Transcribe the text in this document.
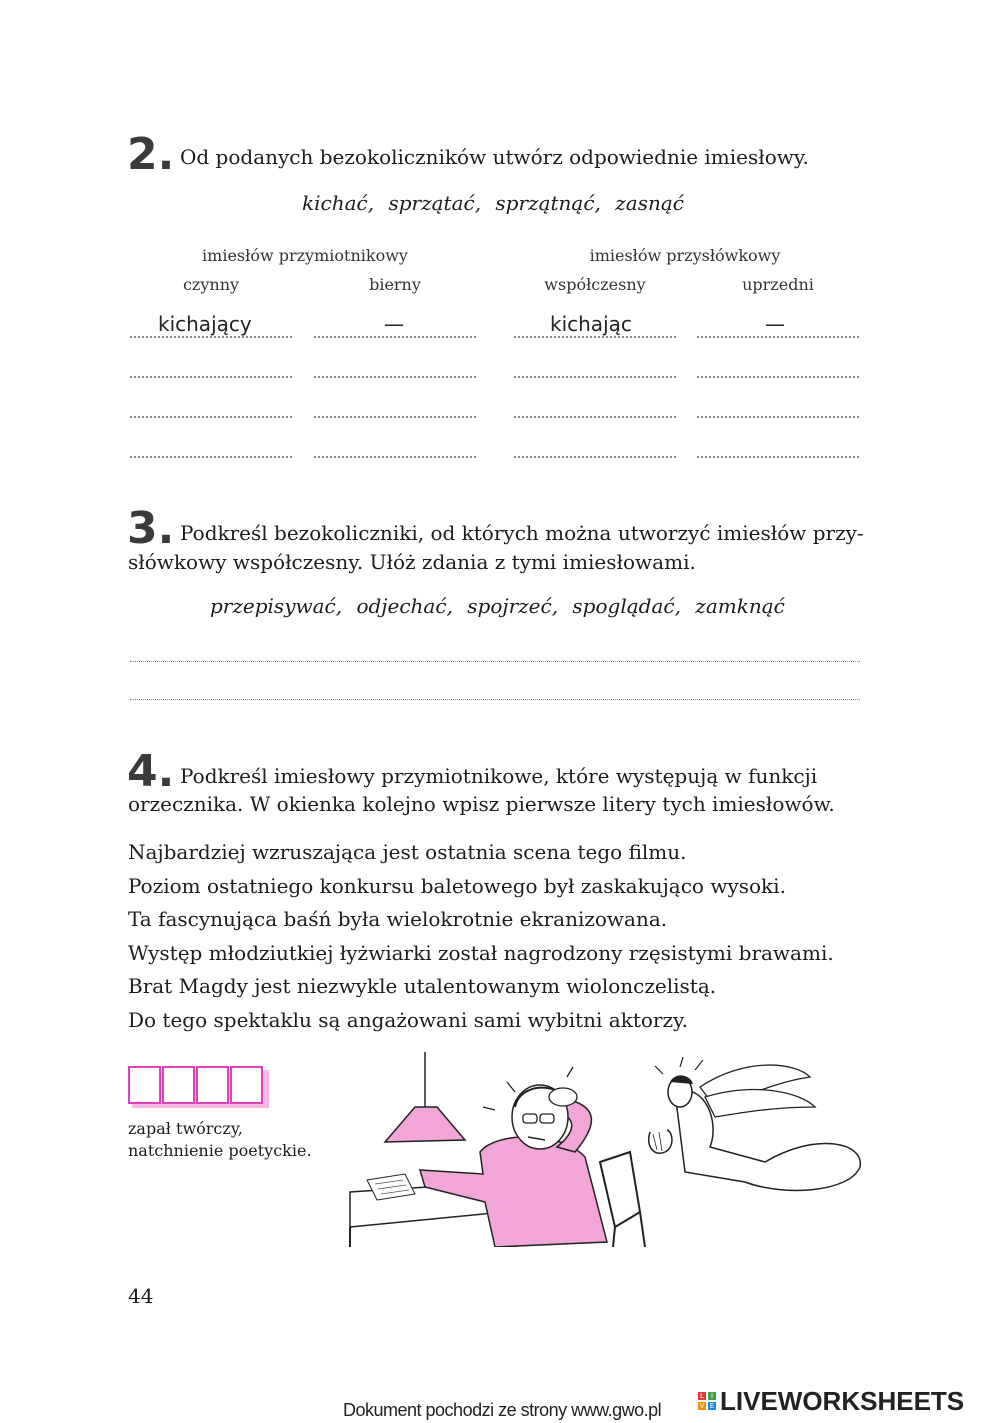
2. Od podanych bezokoliczników utwórz odpowiednie imiesłowy.
kichać, sprzątać, sprzątnąć, zasnąć
imiesłów przymiotnikowy	imiesłów przysłówkowy
czynny	bierny	współczesny	uprzedni
kichający	—	kichając	—
3. Podkreśl bezokoliczniki, od których można utworzyć imiesłów przy-
słówkowy współczesny. Ułóż zdania z tymi imiesłowami.
przepisywać, odjechać, spojrzeć, spoglądać, zamknąć
4. Podkreśl imiesłowy przymiotnikowe, które występują w funkcji
orzecznika. W okienka kolejno wpisz pierwsze litery tych imiesłowów.
Najbardziej wzruszająca jest ostatnia scena tego filmu.
Poziom ostatniego konkursu baletowego był zaskakująco wysoki.
Ta fascynująca baśń była wielokrotnie ekranizowana.
Występ młodziutkiej łyżwiarki został nagrodzony rzęsistymi brawami.
Brat Magdy jest niezwykle utalentowanym wiolonczelistą.
Do tego spektaklu są angażowani sami wybitni aktorzy.
zapał twórczy,
natchnienie poetyckie.
44
Dokument pochodzi ze strony www.gwo.pl
L	I
V E LIVEWORKSHEETS
